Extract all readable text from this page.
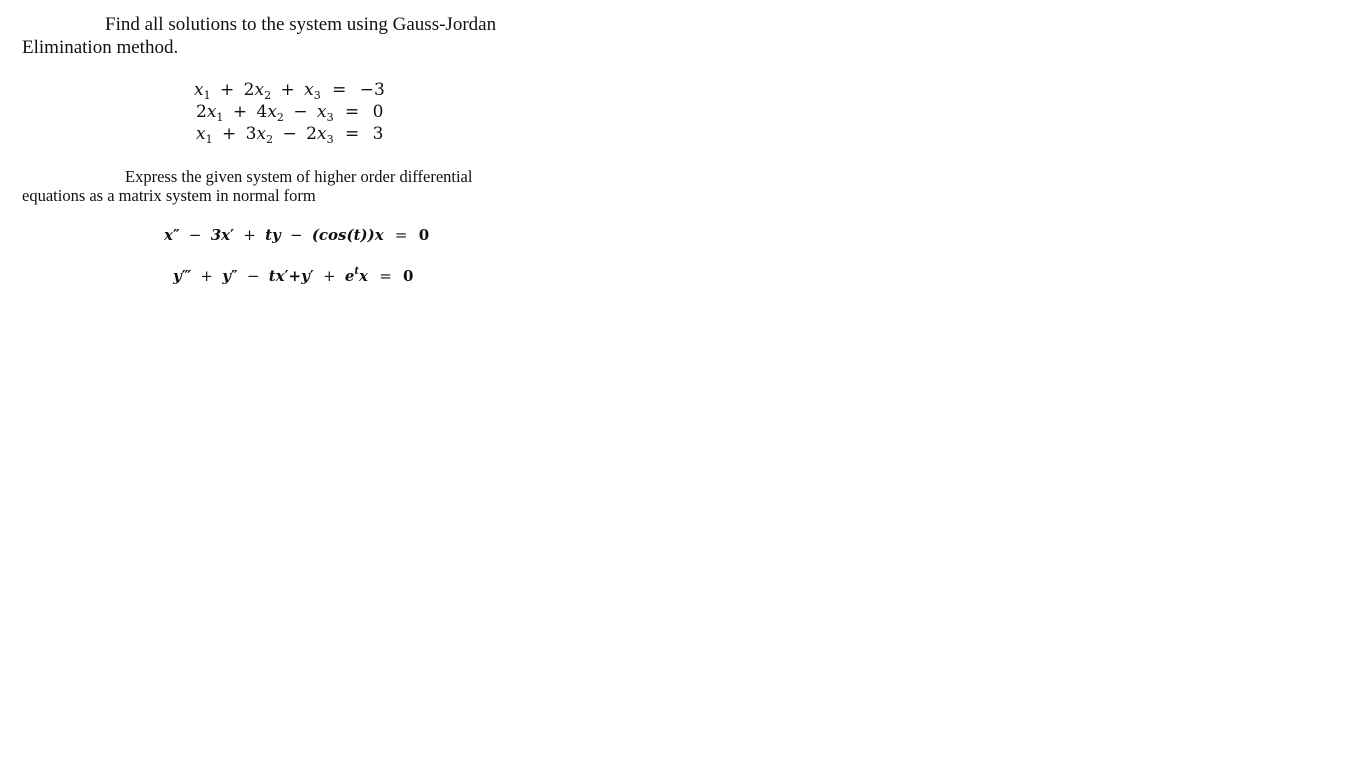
Find all solutions to the system using Gauss-Jordan

Elimination method.

$x_1 + 2x_2 + x_3 = -3$
$2x_1 + 4x_2 - x_3 = 0$
$x_1 + 3x_2 - 2x_3 = 3$

Express the given system of higher order differential

equations as a matrix system in normal form

x″ − 3x′ + ty − (cos(t))x = 0
y‴ + $y'' - tx'+y' + e^tx = 0$
